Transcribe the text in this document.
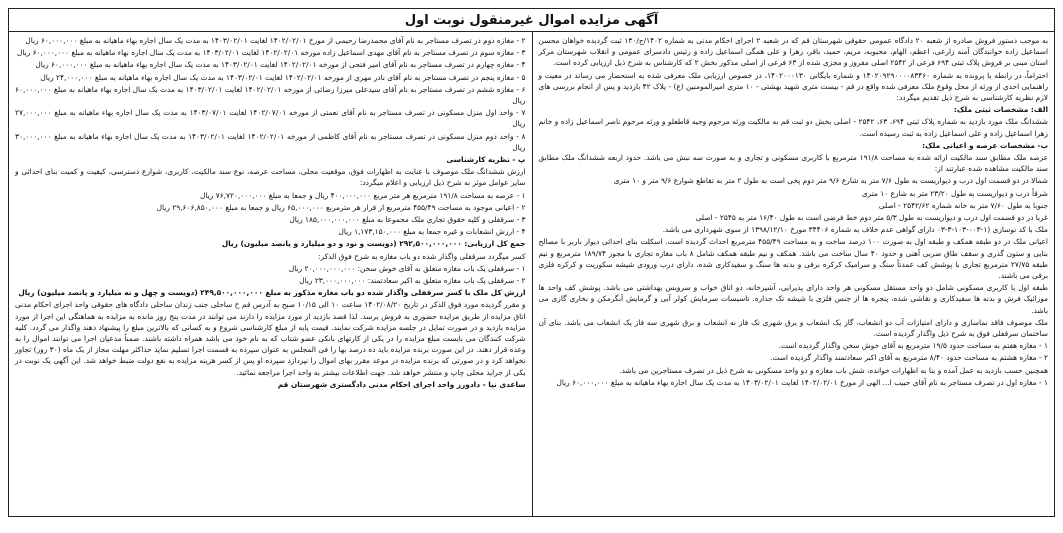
آگهی مزایده اموال غیرمنقول نوبت اول

به موجب دستور فروش صادره از شعبه ۲۰ دادگاه عمومی حقوقی شهرستان قم که در شعبه ۲ اجرای احکام مدنی به شماره ۱۴۰۲/ج/۱۳۰ ثبت گردیده خواهان محسن اسماعیل زاده خوانندگان آمنه زارعی، اعظم، الهام، محبوبه، مریم، حمید، باقر، زهرا و علی همگی اسماعیل زاده و رئیس دادسرای عمومی و انقلاب شهرستان مرکز استان مبنی بر فروش پلاک ثبتی ۶۹۴ فرعی از ۲۵۴۲ اصلی مفروز و مجزی شده از ۶۳ فرعی از اصلی مذکور بخش ۲ که کارشناس به شرح ذیل ارزیابی کرده است.

احتراماً، در رابطه با پرونده به شماره ۱۴۰۲۰۹۲۹۰۰۰۰۸۳۴۶۰ و شماره بایگانی ۱۴۰۲۰۰۰۱۳۰، در خصوص ارزیابی ملک معرفی شده به استحضار می رساند در معیت و راهنمایی احدی از ورثه از محل وقوع ملک معرفی شده واقع در قم - بیست متری شهید بهشتی - ۱۰ متری امیرالمومنین (ع) - پلاک ۴۲ بازدید و پس از انجام بررسی های لازم نظریه کارشناسی به شرح ذیل تقدیم میگردد:

الف: مشخصات ثبتی ملک:

ششدانگ ملک مورد بازدید به شماره پلاک ثبتی ۶۹۴، ۶۳، ۲۵۴۲ - اصلی بخش دو ثبت قم به مالکیت ورثه مرحوم وجیه قاطعلو و ورثه مرحوم ناصر اسماعیل زاده و خانم زهرا اسماعیل زاده و علی اسماعیل زاده به ثبت رسیده است.

ب- مشخصات عرصه و اعیانی ملک:

عرصه ملک مطابق سند مالکیت ارائه شده به مساحت ۱۹۱/۸ مترمربع با کاربری مسکونی و تجاری و به صورت سه نبش می باشد. حدود اربعه ششدانگ ملک مطابق سند مالکیت مشاهده شده عبارتند از:

شمالا در دو قسمت اول درب و دیواریست به طول ۷/۶ متر به شارع ۹/۶ متر دوم پخی است به طول ۲ متر به تقاطع شوارع ۹/۶ متر و ۱۰ متری

شرقاً درب و دیواریست به طول ۲۳/۲۰ متر به شارع ۱۰ متری

جنوبا به طول ۷/۶۰ متر به خانه شماره ۲۵۴۲/۶۲ - اصلی

غربا در دو قسمت اول درب و دیواریست به طول ۵/۳ متر دوم خط فرضی است به طول ۱۶/۴۰ متر به ۲۵۴۵ - اصلی

ملک با کد نوسازی (۱-۰۰۳-۱۰۳-۳-۰۳ دارای گواهی عدم خلاف به شماره ۳۴۴۰۶ مورخ ۱۳۹۸/۱۲/۱۰ از سوی شهرداری می باشد.

اعیانی ملک در دو طبقه همکف و طبقه اول به صورت ۱۰۰ درصد ساخت و به مساحت ۴۵۵/۴۹ مترمربع احداث گردیده است. اسکلت بنای احداثی دیوار باربر با مصالح بنایی و ستون گذری و سقف طاق ضربی آهنی و حدود ۴۰ سال ساخت می باشد. همکف و نیم طبقه همکف شامل ۸ باب مغازه تجاری با مجوز ۱۸۹/۷۴ مترمربع و نیم طبقه ۲۷/۷۵ مترمربع تجاری با پوشش کف عمدتاً سنگ و سرامیک کرکره برقی و بدنه ها سنگ و سفیدکاری شده، دارای درب ورودی شیشه سکوریت و کرکره فلزی برقی می باشند.

طبقه اول با کاربری مسکونی شامل دو واحد مستقل مسکونی هر واحد دارای پذیرایی، آشپزخانه، دو اتاق خواب و سرویس بهداشتی می باشد. پوشش کف واحد ها موزائیک فرش و بدنه ها سفیدکاری و نقاشی شده، پنجره ها از جنس فلزی با شیشه تک جداره. تاسیسات سرمایش کولر آبی و گرمایش آبگرمکن و بخاری گازی می باشد.

ملک موصوف فاقد نماسازی و دارای امتیازات آب دو انشعاب، گاز یک انشعاب و برق شهری تک فاز نه انشعاب و برق شهری سه فاز یک انشعاب می باشد. بنای آن ساختمان سرقفلی فوق به شرح ذیل واگذار گردیده است.

۱ - مغازه هفتم به مساحت حدود ۱۹/۵ مترمربع به آقای خوش سخن واگذار گردیده است.

۲ - مغازه هشتم به مساحت حدود ۸/۴۰ مترمربع به آقای اکبر سعادتمند واگذار گردیده است.

همچنین حسب بازدید به عمل آمده و بنا به اظهارات خوانده، شش باب مغازه و دو واحد مسکونی به شرح ذیل در تصرف مستاجرین می باشد.

۱ - مغازه اول در تصرف مستاجر به نام آقای حبیب ا... الهی از مورخ ۱۴۰۲/۰۲/۰۱ لغایت ۱۴۰۳/۰۲/۰۱ به مدت یک سال اجاره بهاء ماهیانه به مبلغ ۶۰,۰۰۰,۰۰۰ ریال

۲ - مغازه دوم در تصرف مستاجر به نام آقای محمدرضا رحیمی از مورخ ۱۴۰۲/۰۲/۰۱ لغایت ۱۴۰۳/۰۲/۰۱ به مدت یک سال اجاره بهاء ماهیانه به مبلغ ۶۰,۰۰۰,۰۰۰ ریال

۳ - مغازه سوم در تصرف مستاجر به نام آقای مهدی اسماعیل زاده مورخه ۱۴۰۲/۰۲/۰۱ لغایت ۱۴۰۳/۰۲/۰۱ به مدت یک سال اجاره بهاء ماهیانه به مبلغ ۶۰,۰۰۰,۰۰۰ ریال

۴ - مغازه چهارم در تصرف مستاجر به نام آقای امیر فتحی از مورخه ۱۴۰۲/۰۲/۰۱ لغایت ۱۴۰۳/۰۲/۰۱ به مدت یک سال اجاره بهاء ماهیانه به مبلغ ۶۰,۰۰۰,۰۰۰ ریال

۵ - مغازه پنجم در تصرف مستاجر به نام آقای نادر مهری از مورخه ۱۴۰۲/۰۲/۰۱ لغایت ۱۴۰۳/۰۲/۰۱ به مدت یک سال اجاره بهاء ماهیانه به مبلغ ۲۴,۰۰۰,۰۰۰ ریال

۶ - مغازه ششم در تصرف مستاجر به نام آقای سیدعلی میرزا رضائی از مورخه ۱۴۰۲/۰۲/۰۱ لغایت ۱۴۰۳/۰۲/۰۱ به مدت یک سال اجاره بهاء ماهیانه به مبلغ ۶۰,۰۰۰,۰۰۰ ریال

۷ - واحد اول منزل مسکونی در تصرف مستاجر به نام آقای نعمتی از مورخه ۱۴۰۲/۰۷/۰۱ لغایت ۱۴۰۳/۰۷/۰۱ به مدت یک سال اجاره بهاء ماهیانه به مبلغ ۲۷,۰۰۰,۰۰۰ ریال

۸ - واحد دوم منزل مسکونی در تصرف مستاجر به نام آقای کاظمی از مورخه ۱۴۰۲/۰۲/۰۱ لغایت ۱۴۰۳/۰۲/۰۱ به مدت یک سال اجاره بهاء ماهیانه به مبلغ ۳۰,۰۰۰,۰۰۰ ریال

پ - نظریه کارشناسی

ارزش ششدانگ ملک موصوف با عنایت به اظهارات فوق، موقعیت محلی، مساحت عرصه، نوع سند مالکیت، کاربری، شوارع دسترسی، کیفیت و کمیت بنای احداثی و سایر عوامل موثر به شرح ذیل ارزیابی و اعلام میگردد:

۱ - عرصه به مساحت ۱۹۱/۸ مترمربع هر متر مربع ۴۰۰,۰۰۰,۰۰۰ ریال و جمعا به مبلغ ۷۶,۷۲۰,۰۰۰,۰۰۰ ریال

۲ - اعیانی موجود به مساحت ۴۵۵/۴۹ مترمربع از قرار هر مترمربع ۶۵,۰۰۰,۰۰۰ ریال و جمعا به مبلغ ۲۹,۶۰۶,۸۵۰,۰۰۰ ریال

۳ - سرقفلی و کلیه حقوق تجاری ملک مجموعا به مبلغ ۱۸۵,۰۰۰,۰۰۰,۰۰۰ ریال

۴ - ارزش انشعابات و غیره جمعا به مبلغ ۱,۱۷۳,۱۵۰,۰۰۰ ریال

جمع کل ارزیابی: ۲۹۲,۵۰۰,۰۰۰,۰۰۰ (دویست و نود و دو میلیارد و پانصد میلیون) ریال

کسر میگردد سرقفلی واگذار شده دو باب مغازه به شرح فوق الذکر:

۱ - سرقفلی یک باب مغازه متعلق به آقای خوش سخن: ۲۰,۰۰۰,۰۰۰,۰۰۰ ریال

۲ - سرقفلی یک باب مغازه متعلق به اکبر سعادتمند: ۲۳,۰۰۰,۰۰۰,۰۰۰ ریال

ارزش کل ملک با کسر سرقفلی واگذار شده دو باب مغازه مذکور به مبلغ ۲۴۹,۵۰۰,۰۰۰,۰۰۰ (دویست و چهل و نه میلیارد و پانصد میلیون) ریال

و مقرر گردیده مورد فوق الذکر در تاریخ ۱۴۰۲/۰۸/۲۰ ساعت ۱۰ الی ۱۰/۱۵ صبح به آدرس قم خ ساحلی جنب زندان ساحلی دادگاه های حقوقی واحد اجرای احکام مدنی اتاق مزایده از طریق مزایده حضوری به فروش برسد. لذا قصد بازدید از مورد مزایده را دارند می توانند در مدت پنج روز مانده به مزایده به هماهنگی این اجرا از مورد مزایده بازدید و در صورت تمایل در جلسه مزایده شرکت نمایند. قیمت پایه از مبلغ کارشناسی شروع و به کسانی که بالاترین مبلغ را پیشنهاد دهند واگذار می گردد. کلیه شرکت کنندگان می بایست مبلغ مزایده را در یکی از کارتهای بانکی عضو شتاب که به نام خود می باشد همراه داشته باشند. ضمناً مدعیان اجرا می توانند اموال را به وعده قرار دهند. در این صورت برنده مزایده باید ده درصد بها را فی المجلس به عنوان سپرده به قسمت اجرا تسلیم نماید حداکثر مهلت مجاز از یک ماه (۳۰ روز) تجاوز نخواهد کرد و در صورتی که برنده مزایده در موعد مقرر بهای اموال را نپردازد سپرده او پس از کسر هزینه مزایده به نفع دولت ضبط خواهد شد. این آگهی یک نوبت در یکی از جراید محلی چاپ و منتشر خواهد شد. جهت اطلاعات بیشتر به واحد اجرا مراجعه نمائید.

ساعدی نیا - دادورز واحد اجرای احکام مدنی دادگستری شهرستان قم
